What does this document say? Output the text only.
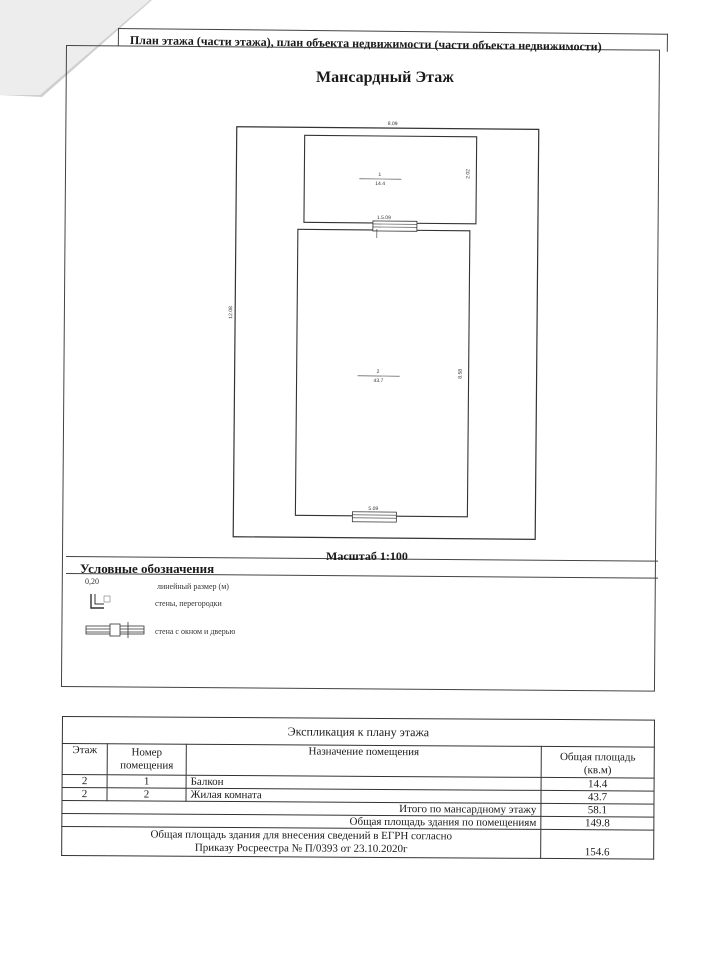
План этажа (части этажа), план объекта недвижимости (части объекта недвижимости)
Мансардный Этаж
8.09
12.08
1
14.4
2.02
1.5.09
2
43.7
8.58
5.09
Масштаб 1:100
Условные обозначения
0,20
линейный размер (м)
стены, перегородки
стена с окном и дверью
Экспликация к плану этажа			
Этаж	Номер помещения	Назначение помещения	Общая площадь (кв.м)
2	1	Балкон	14.4
2	2	Жилая комната	43.7
Итого по мансардному этажу			58.1
Общая площадь здания по помещениям			149.8

Общая площадь здания для внесения сведений в ЕГРН согласно
Приказу Росреестра № П/0393 от 23.10.2020г			154.6
